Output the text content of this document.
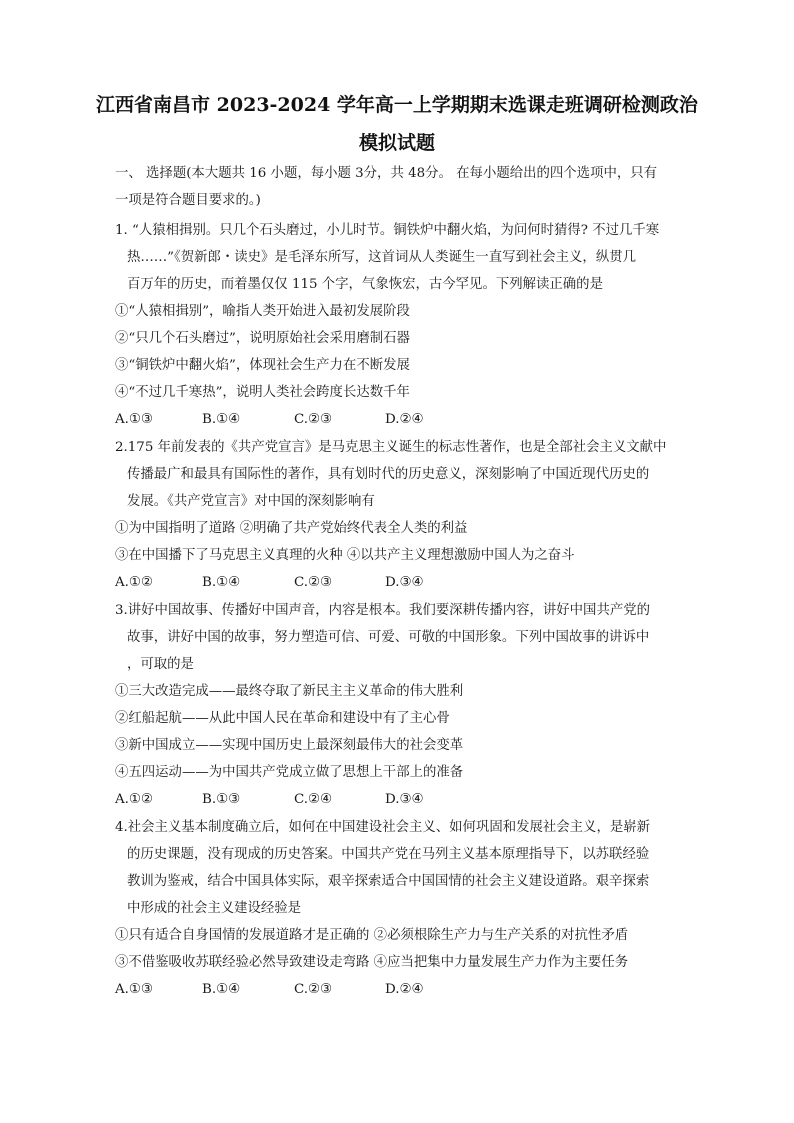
江西省南昌市 2023-2024 学年高一上学期期末选课走班调研检测政治
模拟试题
一、 选择题(本大题共 16 小题，每小题 3分，共 48分。 在每小题给出的四个选项中，只有
一项是符合题目要求的。)
1. “人猿相揖别。只几个石头磨过，小儿时节。铜铁炉中翻火焰，为问何时猜得? 不过几千寒
热……”《贺新郎・读史》是毛泽东所写，这首词从人类诞生一直写到社会主义，纵贯几
百万年的历史，而着墨仅仅 115 个字，气象恢宏，古今罕见。下列解读正确的是
①“人猿相揖别”，喻指人类开始进入最初发展阶段
②“只几个石头磨过”，说明原始社会采用磨制石器
③“铜铁炉中翻火焰”，体现社会生产力在不断发展
④“不过几千寒热”，说明人类社会跨度长达数千年
A.①③	B.①④	C.②③	D.②④
2.175 年前发表的《共产党宣言》是马克思主义诞生的标志性著作，也是全部社会主义文献中
传播最广和最具有国际性的著作，具有划时代的历史意义，深刻影响了中国近现代历史的
发展。《共产党宣言》对中国的深刻影响有
①为中国指明了道路 ②明确了共产党始终代表全人类的利益
③在中国播下了马克思主义真理的火种 ④以共产主义理想激励中国人为之奋斗
A.①②	B.①④	C.②③	D.③④
3.讲好中国故事、传播好中国声音，内容是根本。我们要深耕传播内容，讲好中国共产党的
故事，讲好中国的故事，努力塑造可信、可爱、可敬的中国形象。下列中国故事的讲诉中
，可取的是
①三大改造完成——最终夺取了新民主主义革命的伟大胜利
②红船起航——从此中国人民在革命和建设中有了主心骨
③新中国成立——实现中国历史上最深刻最伟大的社会变革
④五四运动——为中国共产党成立做了思想上干部上的准备
A.①②	B.①③	C.②④	D.③④
4.社会主义基本制度确立后，如何在中国建设社会主义、如何巩固和发展社会主义，是崭新
的历史课题，没有现成的历史答案。中国共产党在马列主义基本原理指导下，以苏联经验
教训为鉴戒，结合中国具体实际，艰辛探索适合中国国情的社会主义建设道路。艰辛探索
中形成的社会主义建设经验是
①只有适合自身国情的发展道路才是正确的 ②必须根除生产力与生产关系的对抗性矛盾
③不借鉴吸收苏联经验必然导致建设走弯路 ④应当把集中力量发展生产力作为主要任务
A.①③	B.①④	C.②③	D.②④
